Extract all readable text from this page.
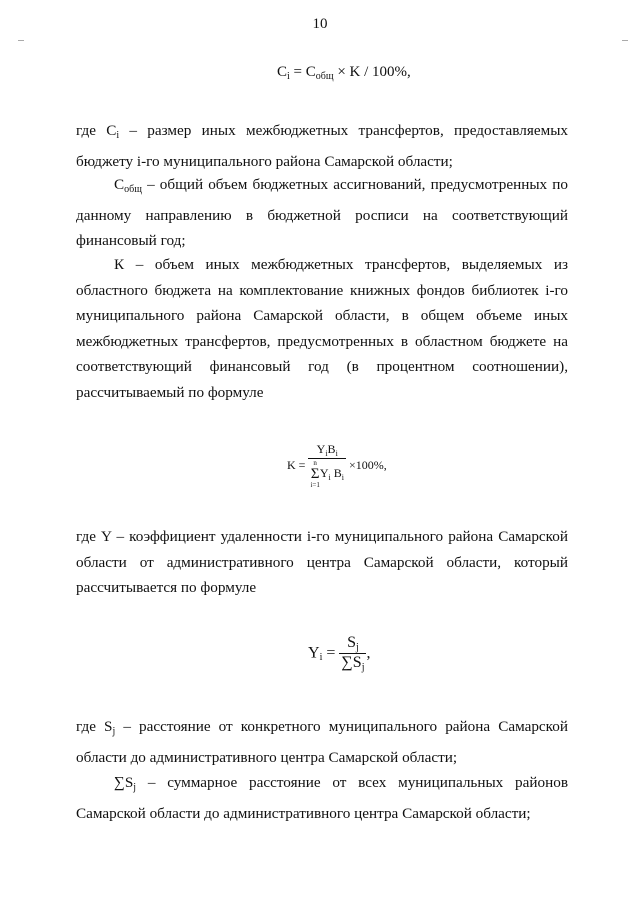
10
$C_i = C_{общ} \times K / 100\%$,

где $C_i$ – размер иных межбюджетных трансфертов, предоставляемых бюджету i-го муниципального района Самарской области;

$С_{общ}$ – общий объем бюджетных ассигнований, предусмотренных по данному направлению в бюджетной росписи на соответствующий финансовый год;

К – объем иных межбюджетных трансфертов, выделяемых из областного бюджета на комплектование книжных фондов библиотек i-го муниципального района Самарской области, в общем объеме иных межбюджетных трансфертов, предусмотренных в областном бюджете на соответствующий финансовый год (в процентном соотношении), рассчитываемый по формуле

$K = Y_iB_i$
n
Σ
i=1
$Y_i$ $B_i \times 100\%$,

где Y – коэффициент удаленности i-го муниципального района Самарской области от административного центра Самарской области, который рассчитывается по формуле

$Y_i = \frac{S_j}{\sum S_j}$ ,

где $S_j$ – расстояние от конкретного муниципального района Самарской области до административного центра Самарской области;

$\sum S_j$ – суммарное расстояние от всех муниципальных районов Самарской области до административного центра Самарской области;
